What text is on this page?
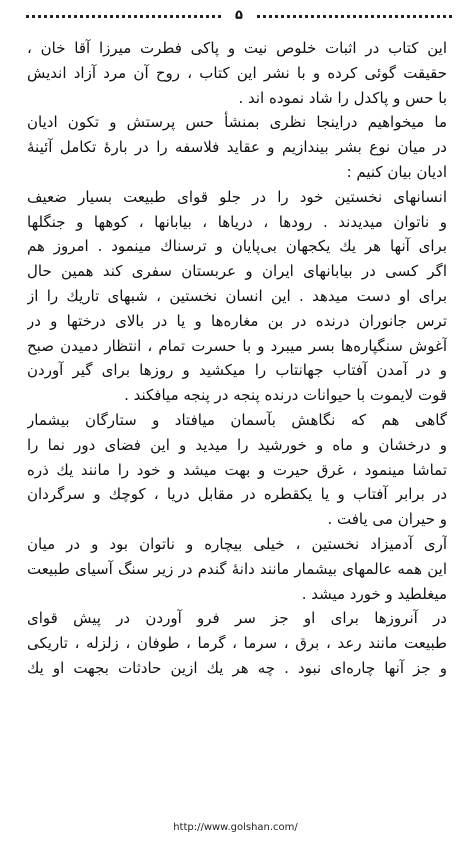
۵
این کتاب در اثبات خلوص نیت و پاکی فطرت میرزا آقا خان ،
حقیقت گوئی کرده و با نشر این کتاب ، روح آن مرد آزاد اندیش
با حس و پاکدل را شاد نموده اند .
ما میخواهیم دراینجا نظری بمنشأ حس پرستش و تکون ادیان
در میان نوع بشر بیندازیم و عقاید فلاسفه را در بارهٔ تکامل آئینهٔ
ادیان بیان کنیم :
انسانهای نخستین خود را در جلو قوای طبیعت بسیار ضعیف
و ناتوان میدیدند . رودها ، دریاها ، بیابانها ، کوهها و جنگلها
برای آنها هر یك یکجهان بی‌پایان و ترسناك مینمود . امروز هم
اگر کسی در بیابانهای ایران و عربستان سفری کند همین حال
برای او دست میدهد . این انسان نخستین ، شبهای تاریك را از
ترس جانوران درنده در بن مغاره‌ها و یا در بالای درختها و در
آغوش سنگپاره‌ها بسر میبرد و با حسرت تمام ، انتظار دمیدن صبح
و در آمدن آفتاب جهانتاب را میکشید و روزها برای گیر آوردن
قوت لایموت با حیوانات درنده پنجه در پنجه میافکند .
گاهی هم که نگاهش بآسمان میافتاد و ستارگان بیشمار
و درخشان و ماه و خورشید را میدید و این فضای دور نما را
تماشا مینمود ، غرق حیرت و بهت میشد و خود را مانند یك ذره
در برابر آفتاب و یا یکقطره در مقابل دریا ، کوچك و سرگردان
و حیران می یافت .
آری آدمیزاد نخستین ، خیلی بیچاره و ناتوان بود و در میان
این همه عالمهای بیشمار مانند دانهٔ گندم در زیر سنگ آسیای طبیعت
میغلطید و خورد میشد .
در آنروزها برای او جز سر فرو آوردن در پیش قوای
طبیعت مانند رعد ، برق ، سرما ، گرما ، طوفان ، زلزله ، تاریکی
و جز آنها چاره‌ای نبود . چه هر یك ازین حادثات بجهت او یك
http://www.golshan.com/
